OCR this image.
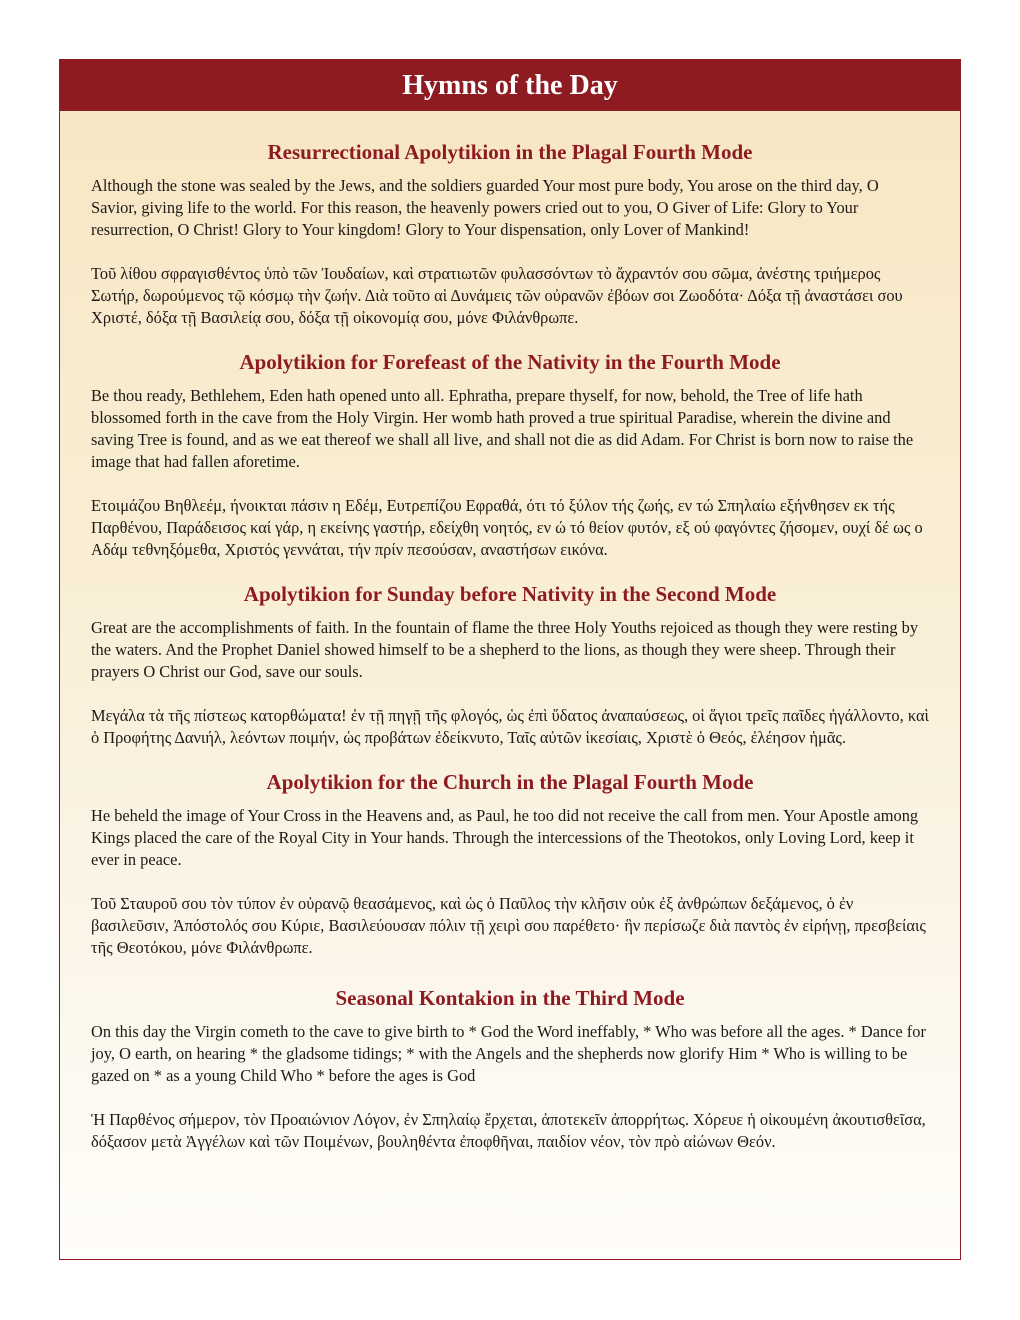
Hymns of the Day
Resurrectional Apolytikion in the Plagal Fourth Mode

Although the stone was sealed by the Jews, and the soldiers guarded Your most pure body, You arose on the third day, O Savior, giving life to the world. For this reason, the heavenly powers cried out to you, O Giver of Life: Glory to Your resurrection, O Christ! Glory to Your kingdom! Glory to Your dispensation, only Lover of Mankind!

Τοῦ λίθου σφραγισθέντος ὑπὸ τῶν Ἰουδαίων, καὶ στρατιωτῶν φυλασσόντων τὸ ἄχραντόν σου σῶμα, ἀνέστης τριήμερος Σωτήρ, δωρούμενος τῷ κόσμῳ τὴν ζωήν. Διὰ τοῦτο αἱ Δυνάμεις τῶν οὐρανῶν ἐβόων σοι Ζωοδότα· Δόξα τῇ ἀναστάσει σου Χριστέ, δόξα τῇ Βασιλείᾳ σου, δόξα τῇ οἰκονομίᾳ σου, μόνε Φιλάνθρωπε.

Apolytikion for Forefeast of the Nativity in the Fourth Mode

Be thou ready, Bethlehem, Eden hath opened unto all. Ephratha, prepare thyself, for now, behold, the Tree of life hath blossomed forth in the cave from the Holy Virgin. Her womb hath proved a true spiritual Paradise, wherein the divine and saving Tree is found, and as we eat thereof we shall all live, and shall not die as did Adam. For Christ is born now to raise the image that had fallen aforetime.

Ετοιμάζου Βηθλεέμ, ήνοικται πάσιν η Εδέμ, Ευτρεπίζου Εφραθά, ότι τό ξύλον τής ζωής, εν τώ Σπηλαίω εξήνθησεν εκ τής Παρθένου, Παράδεισος καί γάρ, η εκείνης γαστήρ, εδείχθη νοητός, εν ώ τό θείον φυτόν, εξ ού φαγόντες ζήσομεν, ουχί δέ ως ο Αδάμ τεθνηξόμεθα, Χριστός γεννάται, τήν πρίν πεσούσαν, αναστήσων εικόνα.

Apolytikion for Sunday before Nativity in the Second Mode

Great are the accomplishments of faith. In the fountain of flame the three Holy Youths rejoiced as though they were resting by the waters. And the Prophet Daniel showed himself to be a shepherd to the lions, as though they were sheep. Through their prayers O Christ our God, save our souls.

Μεγάλα τὰ τῆς πίστεως κατορθώματα! ἐν τῇ πηγῇ τῆς φλογός, ὡς ἐπὶ ὕδατος ἀναπαύσεως, οἱ ἅγιοι τρεῖς παῖδες ἠγάλλοντο, καὶ ὁ Προφήτης Δανιήλ, λεόντων ποιμήν, ὡς προβάτων ἐδείκνυτο, Ταῖς αὐτῶν ἱκεσίαις, Χριστὲ ὁ Θεός, ἐλέησον ἡμᾶς.

Apolytikion for the Church in the Plagal Fourth Mode

He beheld the image of Your Cross in the Heavens and, as Paul, he too did not receive the call from men. Your Apostle among Kings placed the care of the Royal City in Your hands. Through the intercessions of the Theotokos, only Loving Lord, keep it ever in peace.

Τοῦ Σταυροῦ σου τὸν τύπον ἐν οὐρανῷ θεασάμενος, καὶ ὡς ὁ Παῦλος τὴν κλῆσιν οὐκ ἐξ ἀνθρώπων δεξάμενος, ὁ ἐν βασιλεῦσιν, Ἀπόστολός σου Κύριε, Βασιλεύουσαν πόλιν τῇ χειρὶ σου παρέθετο· ἣν περίσωζε διὰ παντὸς ἐν εἰρήνῃ, πρεσβείαις τῆς Θεοτόκου, μόνε Φιλάνθρωπε.

Seasonal Kontakion in the Third Mode

On this day the Virgin cometh to the cave to give birth to * God the Word ineffably, * Who was before all the ages. * Dance for joy, O earth, on hearing * the gladsome tidings; * with the Angels and the shepherds now glorify Him * Who is willing to be gazed on * as a young Child Who * before the ages is God

Ἡ Παρθένος σήμερον, τὸν Προαιώνιον Λόγον, ἐν Σπηλαίῳ ἔρχεται, ἀποτεκεῖν ἀπορρήτως. Χόρευε ἡ οἰκουμένη ἀκουτισθεῖσα, δόξασον μετὰ Ἀγγέλων καὶ τῶν Ποιμένων, βουληθέντα ἐποφθῆναι, παιδίον νέον, τὸν πρὸ αἰώνων Θεόν.
